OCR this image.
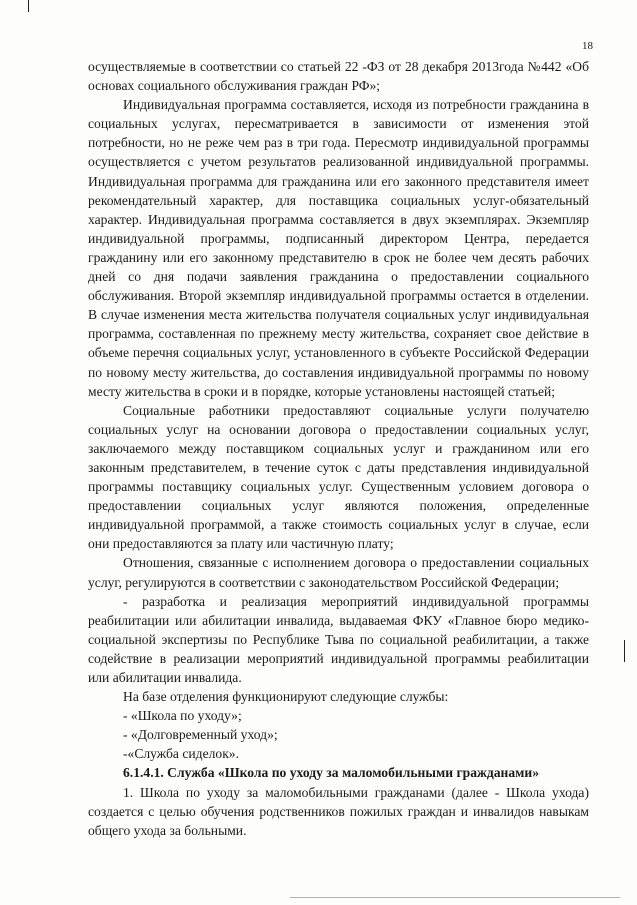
18

осуществляемые в соответствии со статьей 22 -ФЗ от 28 декабря 2013года №442 «Об основах социального обслуживания граждан РФ»;

Индивидуальная программа составляется, исходя из потребности гражданина в социальных услугах, пересматривается в зависимости от изменения этой потребности, но не реже чем раз в три года. Пересмотр индивидуальной программы осуществляется с учетом результатов реализованной индивидуальной программы. Индивидуальная программа для гражданина или его законного представителя имеет рекомендательный характер, для поставщика социальных услуг-обязательный характер. Индивидуальная программа составляется в двух экземплярах. Экземпляр индивидуальной программы, подписанный директором Центра, передается гражданину или его законному представителю в срок не более чем десять рабочих дней со дня подачи заявления гражданина о предоставлении социального обслуживания. Второй экземпляр индивидуальной программы остается в отделении. В случае изменения места жительства получателя социальных услуг индивидуальная программа, составленная по прежнему месту жительства, сохраняет свое действие в объеме перечня социальных услуг, установленного в субъекте Российской Федерации по новому месту жительства, до составления индивидуальной программы по новому месту жительства в сроки и в порядке, которые установлены настоящей статьей;

Социальные работники предоставляют социальные услуги получателю социальных услуг на основании договора о предоставлении социальных услуг, заключаемого между поставщиком социальных услуг и гражданином или его законным представителем, в течение суток с даты представления индивидуальной программы поставщику социальных услуг. Существенным условием договора о предоставлении социальных услуг являются положения, определенные индивидуальной программой, а также стоимость социальных услуг в случае, если они предоставляются за плату или частичную плату;

Отношения, связанные с исполнением договора о предоставлении социальных услуг, регулируются в соответствии с законодательством Российской Федерации;

- разработка и реализация мероприятий индивидуальной программы реабилитации или абилитации инвалида, выдаваемая ФКУ «Главное бюро медико-социальной экспертизы по Республике Тыва по социальной реабилитации, а также содействие в реализации мероприятий индивидуальной программы реабилитации или абилитации инвалида.

На базе отделения функционируют следующие службы:

- «Школа по уходу»;

- «Долговременный уход»;

-«Служба сиделок».

6.1.4.1. Служба «Школа по уходу за маломобильными гражданами»

1. Школа по уходу за маломобильными гражданами (далее - Школа ухода) создается с целью обучения родственников пожилых граждан и инвалидов навыкам общего ухода за больными.
